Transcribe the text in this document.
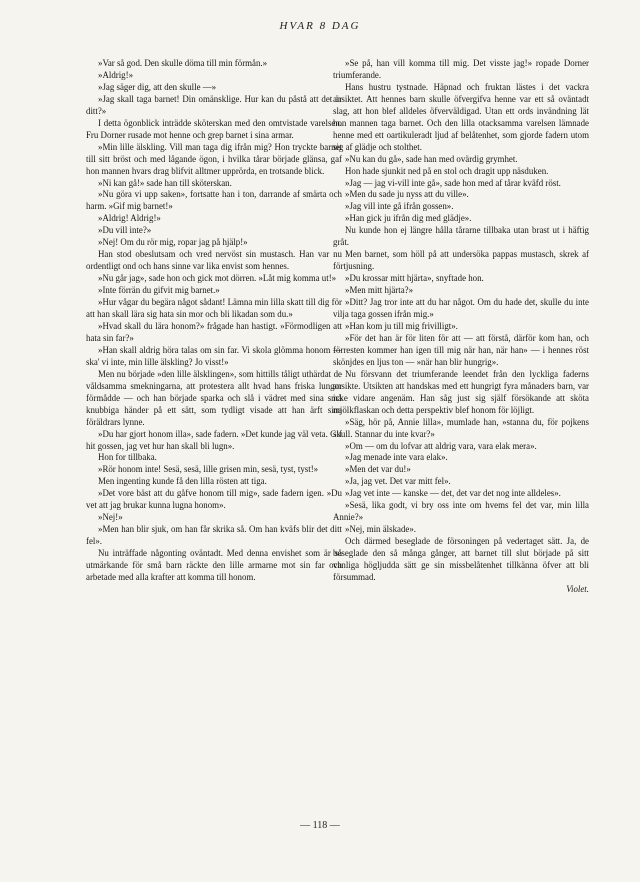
HVAR 8 DAG

»Var så god. Den skulle döma till min förmån.»

»Aldrig!»

»Jag säger dig, att den skulle —»

»Jag skall taga barnet! Din omänsklige. Hur kan du påstå att det är ditt?»

I detta ögonblick inträdde sköterskan med den omtvistade varelsen. Fru Dorner rusade mot henne och grep barnet i sina armar.

»Min lille älskling. Vill man taga dig ifrån mig? Hon tryckte barnet till sitt bröst och med lågande ögon, i hvilka tårar började glänsa, gaf hon mannen hvars drag blifvit alltmer upprörda, en trotsande blick.

»Ni kan gå!» sade han till sköterskan.

»Nu göra vi upp saken», fortsatte han i ton, darrande af smärta och harm. »Gif mig barnet!»

»Aldrig! Aldrig!»

»Du vill inte?»

»Nej! Om du rör mig, ropar jag på hjälp!»

Han stod obeslutsam och vred nervöst sin mustasch. Han var nu ordentligt ond och hans sinne var lika envist som hennes.

»Nu går jag», sade hon och gick mot dörren. »Låt mig komma ut!»

»Inte förrän du gifvit mig barnet.»

»Hur vågar du begära något sådant! Lämna min lilla skatt till dig för att han skall lära sig hata sin mor och bli likadan som du.»

»Hvad skall du lära honom?» frågade han hastigt. »Förmodligen att hata sin far?»

»Han skall aldrig höra talas om sin far. Vi skola glömma honom — ska' vi inte, min lille älskling? Jo visst!»

Men nu började »den lille älsklingen», som hittills tåligt uthärdat de våldsamma smekningarna, att protestera allt hvad hans friska lungor förmådde — och han började sparka och slå i vädret med sina små knubbiga händer på ett sätt, som tydligt visade att han ärft sina föräldrars lynne.

»Du har gjort honom illa», sade fadern. »Det kunde jag väl veta. Gif hit gossen, jag vet hur han skall bli lugn».

Hon for tillbaka.

»Rör honom inte! Sesä, sesä, lille grisen min, sesä, tyst, tyst!»

Men ingenting kunde få den lilla rösten att tiga.

»Det vore bäst att du gåfve honom till mig», sade fadern igen. »Du vet att jag brukar kunna lugna honom».

»Nej!»

»Men han blir sjuk, om han får skrika så. Om han kväfs blir det ditt fel».

Nu inträffade någonting oväntadt. Med denna envishet som är så utmärkande för små barn räckte den lille armarne mot sin far och arbetade med alla krafter att komma till honom.

»Se på, han vill komma till mig. Det visste jag!» ropade Dorner triumferande.

Hans hustru tystnade. Häpnad och fruktan lästes i det vackra ansiktet. Att hennes barn skulle öfvergifva henne var ett så oväntadt slag, att hon blef alldeles öfverväldigad. Utan ett ords invändning lät hon mannen taga barnet. Och den lilla otacksamma varelsen lämnade henne med ett oartikuleradt ljud af belåtenhet, som gjorde fadern utom sig af glädje och stolthet.

»Nu kan du gå», sade han med ovärdig grymhet.

Hon hade sjunkit ned på en stol och dragit upp näsduken.

»Jag — jag vi-vill inte gå», sade hon med af tårar kväfd röst.

»Men du sade ju nyss att du ville».

»Jag vill inte gå ifrån gossen».

»Han gick ju ifrån dig med glädje».

Nu kunde hon ej längre hålla tårarne tillbaka utan brast ut i häftig gråt.

Men barnet, som höll på att undersöka pappas mustasch, skrek af förtjusning.

»Du krossar mitt hjärta», snyftade hon.

»Men mitt hjärta?»

»Ditt? Jag tror inte att du har något. Om du hade det, skulle du inte vilja taga gossen ifrån mig.»

»Han kom ju till mig frivilligt».

»För det han är för liten för att — att förstå, därför kom han, och förresten kommer han igen till mig när han, när han» — i hennes röst skönjdes en ljus ton — »när han blir hungrig».

Nu försvann det triumferande leendet från den lyckliga faderns ansikte. Utsikten att handskas med ett hungrigt fyra månaders barn, var icke vidare angenäm. Han såg just sig själf försökande att sköta mjölkflaskan och detta perspektiv blef honom för löjligt.

»Säg, hör på, Annie lilla», mumlade han, »stanna du, för pojkens skull. Stannar du inte kvar?»

»Om — om du lofvar att aldrig vara, vara elak mera».

»Jag menade inte vara elak».

»Men det var du!»

»Ja, jag vet. Det var mitt fel».

»Jag vet inte — kanske — det, det var det nog inte alldeles».

»Sesä, lika godt, vi bry oss inte om hvems fel det var, min lilla Annie?»

»Nej, min älskade».

Och därmed beseglade de försoningen på vedertaget sätt. Ja, de beseglade den så många gånger, att barnet till slut började på sitt vanliga högljudda sätt ge sin missbelåtenhet tillkänna öfver att bli försummad.

Violet.

— 118 —
